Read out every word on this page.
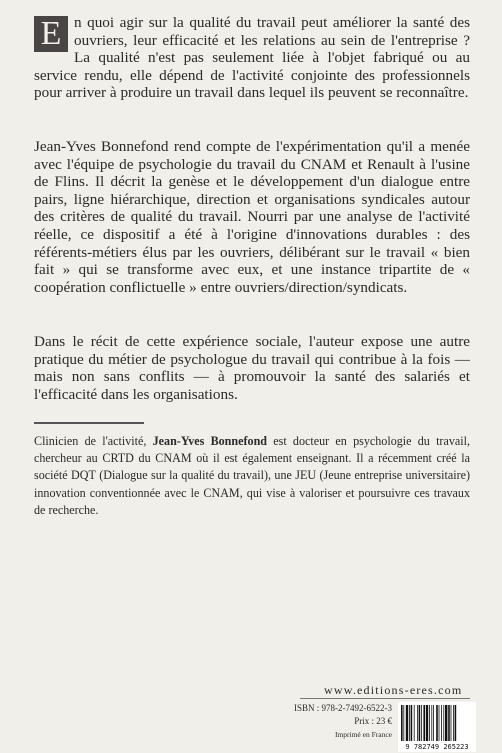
E n quoi agir sur la qualité du travail peut améliorer la santé des ouvriers, leur efficacité et les relations au sein de l'entreprise ? La qualité n'est pas seulement liée à l'objet fabriqué ou au service rendu, elle dépend de l'activité conjointe des professionnels pour arriver à produire un travail dans lequel ils peuvent se reconnaître.
Jean-Yves Bonnefond rend compte de l'expérimentation qu'il a menée avec l'équipe de psychologie du travail du CNAM et Renault à l'usine de Flins. Il décrit la genèse et le développement d'un dialogue entre pairs, ligne hiérarchique, direction et organisations syndicales autour des critères de qualité du travail. Nourri par une analyse de l'activité réelle, ce dispositif a été à l'origine d'innovations durables : des référents-métiers élus par les ouvriers, délibérant sur le travail « bien fait » qui se transforme avec eux, et une instance tripartite de « coopération conflictuelle » entre ouvriers/direction/syndicats.
Dans le récit de cette expérience sociale, l'auteur expose une autre pratique du métier de psychologue du travail qui contribue à la fois — mais non sans conflits — à promouvoir la santé des salariés et l'efficacité dans les organisations.
Clinicien de l'activité, Jean-Yves Bonnefond est docteur en psychologie du travail, chercheur au CRTD du CNAM où il est également enseignant. Il a récemment créé la société DQT (Dialogue sur la qualité du travail), une JEU (Jeune entreprise universitaire) innovation conventionnée avec le CNAM, qui vise à valoriser et poursuivre ces travaux de recherche.
www.editions-eres.com
ISBN : 978-2-7492-6522-3
Prix : 23 €
Imprimé en France
9 782749 265223
